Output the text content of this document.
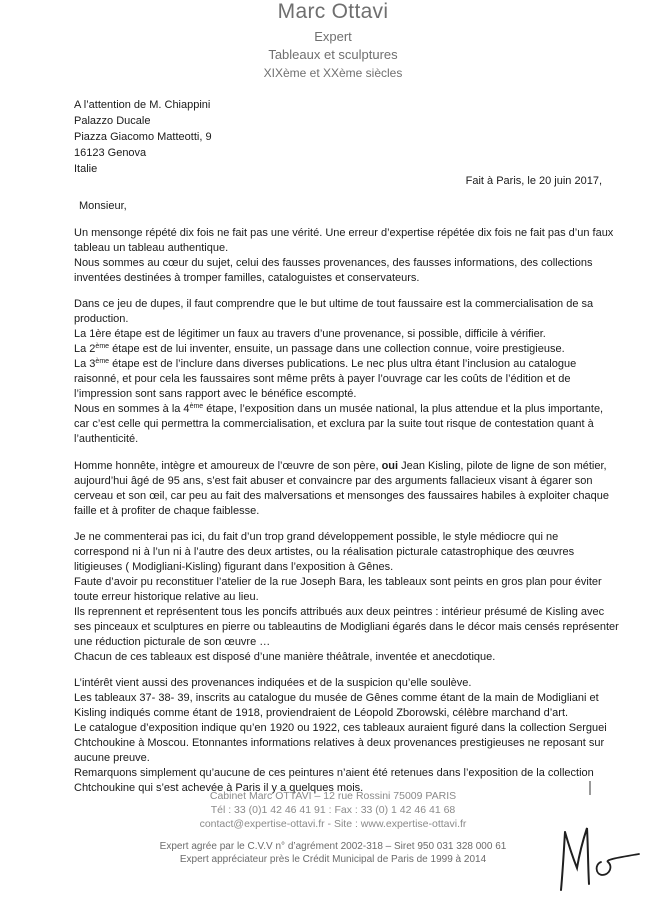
Marc Ottavi
Expert
Tableaux et sculptures
XIXème et XXème siècles
A l’attention de M. Chiappini
Palazzo Ducale
Piazza Giacomo Matteotti, 9
16123 Genova
Italie
Fait à Paris, le 20 juin 2017,
Monsieur,
Un mensonge répété dix fois ne fait pas une vérité. Une erreur d’expertise répétée dix fois ne fait pas d’un faux
tableau un tableau authentique.
Nous sommes au cœur du sujet, celui des fausses provenances, des fausses informations, des collections
inventées destinées à tromper familles, cataloguistes et conservateurs.
Dans ce jeu de dupes, il faut comprendre que le but ultime de tout faussaire est la commercialisation de sa
production.
La 1ère étape est de légitimer un faux au travers d’une provenance, si possible, difficile à vérifier.
La 2ème étape est de lui inventer, ensuite, un passage dans une collection connue, voire prestigieuse.
La 3ème étape est de l’inclure dans diverses publications. Le nec plus ultra étant l’inclusion au catalogue
raisonné, et pour cela les faussaires sont même prêts à payer l’ouvrage car les coûts de l’édition et de
l’impression sont sans rapport avec le bénéfice escompté.
Nous en sommes à la 4ème étape, l’exposition dans un musée national, la plus attendue et la plus importante,
car c’est celle qui permettra la commercialisation, et exclura par la suite tout risque de contestation quant à
l’authenticité.
Homme honnête, intègre et amoureux de l’œuvre de son père, oui Jean Kisling, pilote de ligne de son métier,
aujourd’hui âgé de 95 ans, s’est fait abuser et convaincre par des arguments fallacieux visant à égarer son
cerveau et son œil, car peu au fait des malversations et mensonges des faussaires habiles à exploiter chaque
faille et à profiter de chaque faiblesse.
Je ne commenterai pas ici, du fait d’un trop grand développement possible, le style médiocre qui ne
correspond ni à l’un ni à l’autre des deux artistes, ou la réalisation picturale catastrophique des œuvres
litigieuses ( Modigliani-Kisling) figurant dans l’exposition à Gênes.
Faute d’avoir pu reconstituer l’atelier de la rue Joseph Bara, les tableaux sont peints en gros plan pour éviter
toute erreur historique relative au lieu.
Ils reprennent et représentent tous les poncifs attribués aux deux peintres : intérieur présumé de Kisling avec
ses pinceaux et sculptures en pierre ou tableautins de Modigliani égarés dans le décor mais censés représenter
une réduction picturale de son œuvre …
Chacun de ces tableaux est disposé d’une manière théâtrale, inventée et anecdotique.
L’intérêt vient aussi des provenances indiquées et de la suspicion qu’elle soulève.
Les tableaux 37- 38- 39, inscrits au catalogue du musée de Gênes comme étant de la main de Modigliani et
Kisling indiqués comme étant de 1918, proviendraient de Léopold Zborowski, célèbre marchand d’art.
Le catalogue d’exposition indique qu’en 1920 ou 1922, ces tableaux auraient figuré dans la collection Serguei
Chtchoukine à Moscou. Etonnantes informations relatives à deux provenances prestigieuses ne reposant sur
aucune preuve.
Remarquons simplement qu’aucune de ces peintures n’aient été retenues dans l’exposition de la collection
Chtchoukine qui s’est achevée à Paris il y a quelques mois.
Cabinet Marc OTTAVI – 12 rue Rossini 75009 PARIS
Tél : 33 (0)1 42 46 41 91 : Fax : 33 (0) 1 42 46 41 68
contact@expertise-ottavi.fr - Site : www.expertise-ottavi.fr
Expert agrée par le C.V.V n° d’agrément 2002-318 – Siret 950 031 328 000 61
Expert appréciateur près le Crédit Municipal de Paris de 1999 à 2014
